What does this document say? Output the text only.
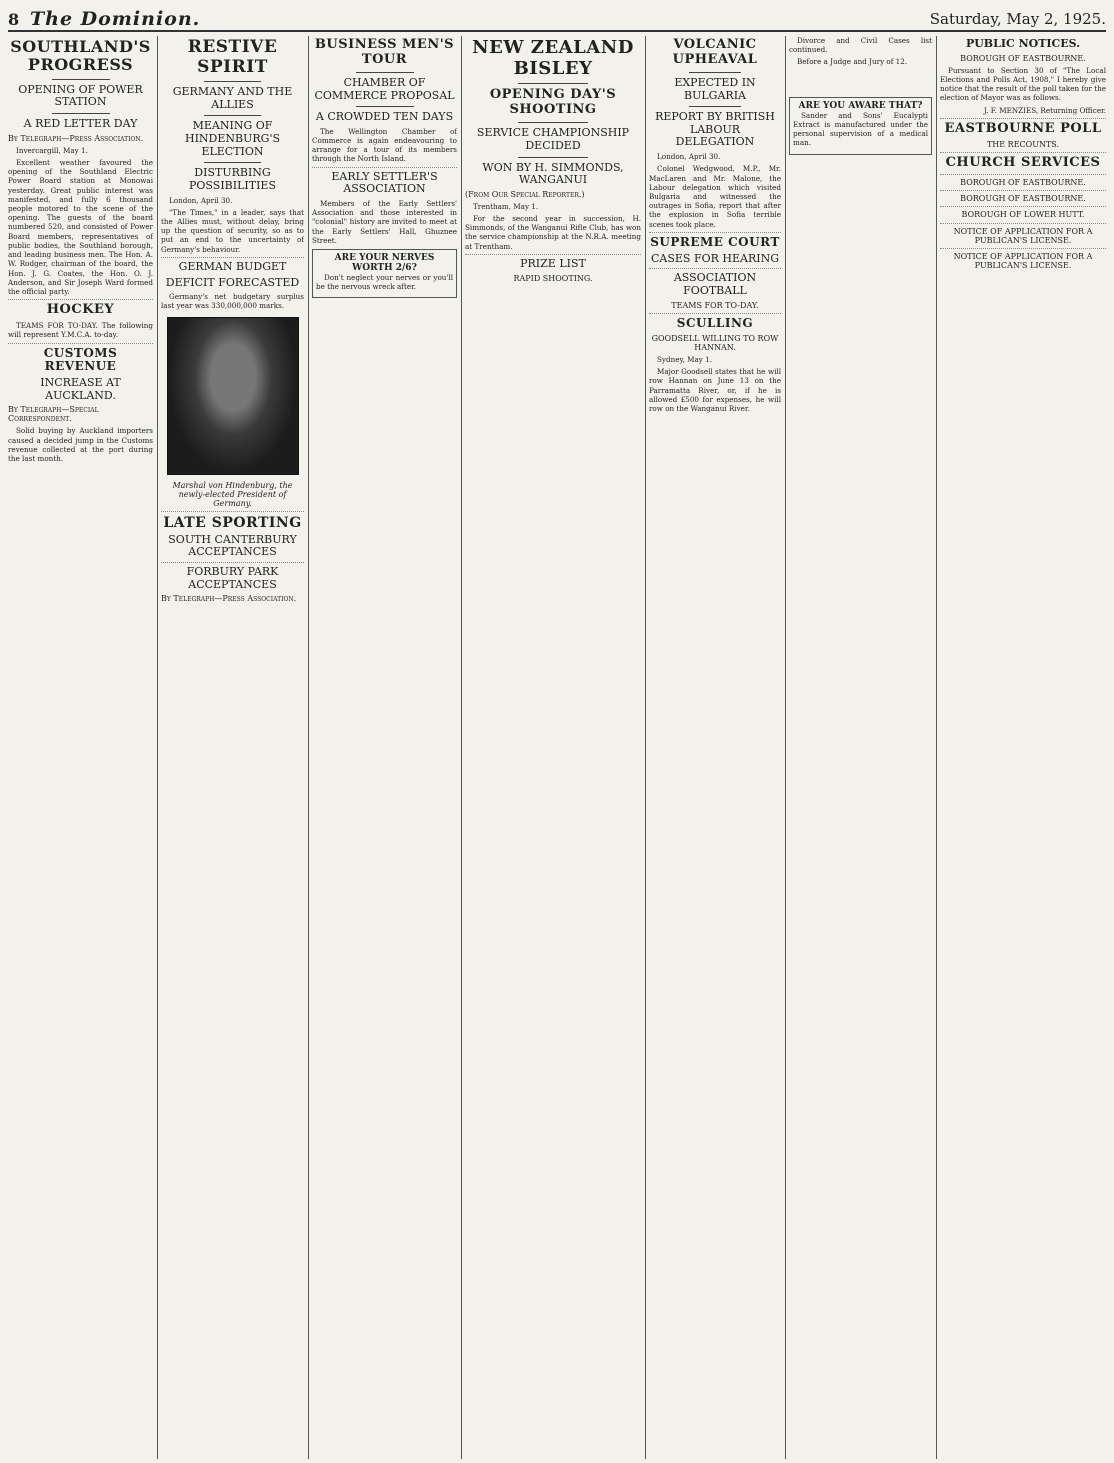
8 The Dominion.	Saturday, May 2, 1925.
SOUTHLAND'S PROGRESS
OPENING OF POWER STATION
A RED LETTER DAY
By Telegraph—Press Association.

Invercargill, May 1.

Excellent weather favoured the opening of the Southland Electric Power Board station at Monowai yesterday. Great public interest was manifested, and fully 6 thousand people motored to the scene of the opening. The guests of the board numbered 520, and consisted of Power Board members, representatives of public bodies, the Southland borough, and leading business men. The Hon. A. W. Rodger, chairman of the board, the Hon. J. G. Coates, the Hon. O. J. Anderson, and Sir Joseph Ward formed the official party.

HOCKEY

TEAMS FOR TO-DAY. The following will represent Y.M.C.A. to-day.

CUSTOMS REVENUE
INCREASE AT AUCKLAND.
By Telegraph—Special Correspondent.

Solid buying by Auckland importers caused a decided jump in the Customs revenue collected at the port during the last month.

RESTIVE SPIRIT
GERMANY AND THE ALLIES
MEANING OF HINDENBURG'S ELECTION
DISTURBING POSSIBILITIES

London, April 30.

"The Times," in a leader, says that the Allies must, without delay, bring up the question of security, so as to put an end to the uncertainty of Germany's behaviour.

GERMAN BUDGET
DEFICIT FORECASTED

Germany's net budgetary surplus last year was 330,000,000 marks.

Marshal von Hindenburg, the newly-elected President of Germany.
LATE SPORTING
SOUTH CANTERBURY ACCEPTANCES
FORBURY PARK ACCEPTANCES
By Telegraph—Press Association.
BUSINESS MEN'S TOUR
CHAMBER OF COMMERCE PROPOSAL
A CROWDED TEN DAYS

The Wellington Chamber of Commerce is again endeavouring to arrange for a tour of its members through the North Island.

EARLY SETTLER'S ASSOCIATION

Members of the Early Settlers' Association and those interested in "colonial" history are invited to meet at the Early Settlers' Hall, Ghuznee Street.

ARE YOUR NERVES WORTH 2/6?

Don't neglect your nerves or you'll be the nervous wreck after.

NEW ZEALAND BISLEY
OPENING DAY'S SHOOTING
SERVICE CHAMPIONSHIP DECIDED
WON BY H. SIMMONDS, WANGANUI
(From Our Special Reporter.)

Trentham, May 1.

For the second year in succession, H. Simmonds, of the Wanganui Rifle Club, has won the service championship at the N.R.A. meeting at Trentham.

PRIZE LIST
RAPID SHOOTING.
VOLCANIC UPHEAVAL
EXPECTED IN BULGARIA
REPORT BY BRITISH LABOUR DELEGATION

London, April 30.

Colonel Wedgwood, M.P., Mr. MacLaren and Mr. Malone, the Labour delegation which visited Bulgaria and witnessed the outrages in Sofia, report that after the explosion in Sofia terrible scenes took place.

SUPREME COURT
CASES FOR HEARING
ASSOCIATION FOOTBALL
TEAMS FOR TO-DAY.
SCULLING
GOODSELL WILLING TO ROW HANNAN.

Sydney, May 1.

Major Goodsell states that he will row Hannan on June 13 on the Parramatta River, or, if he is allowed £500 for expenses, he will row on the Wanganui River.

Divorce and Civil Cases list continued.

Before a Judge and Jury of 12.

ARE YOU AWARE THAT?

Sander and Sons' Eucalypti Extract is manufactured under the personal supervision of a medical man.

PUBLIC NOTICES.
BOROUGH OF EASTBOURNE.

Pursuant to Section 30 of "The Local Elections and Polls Act, 1908," I hereby give notice that the result of the poll taken for the election of Mayor was as follows.

J. F. MENZIES, Returning Officer.

EASTBOURNE POLL
THE RECOUNTS.
CHURCH SERVICES
BOROUGH OF EASTBOURNE.
BOROUGH OF EASTBOURNE.
BOROUGH OF LOWER HUTT.
NOTICE OF APPLICATION FOR A PUBLICAN'S LICENSE.
NOTICE OF APPLICATION FOR A PUBLICAN'S LICENSE.
